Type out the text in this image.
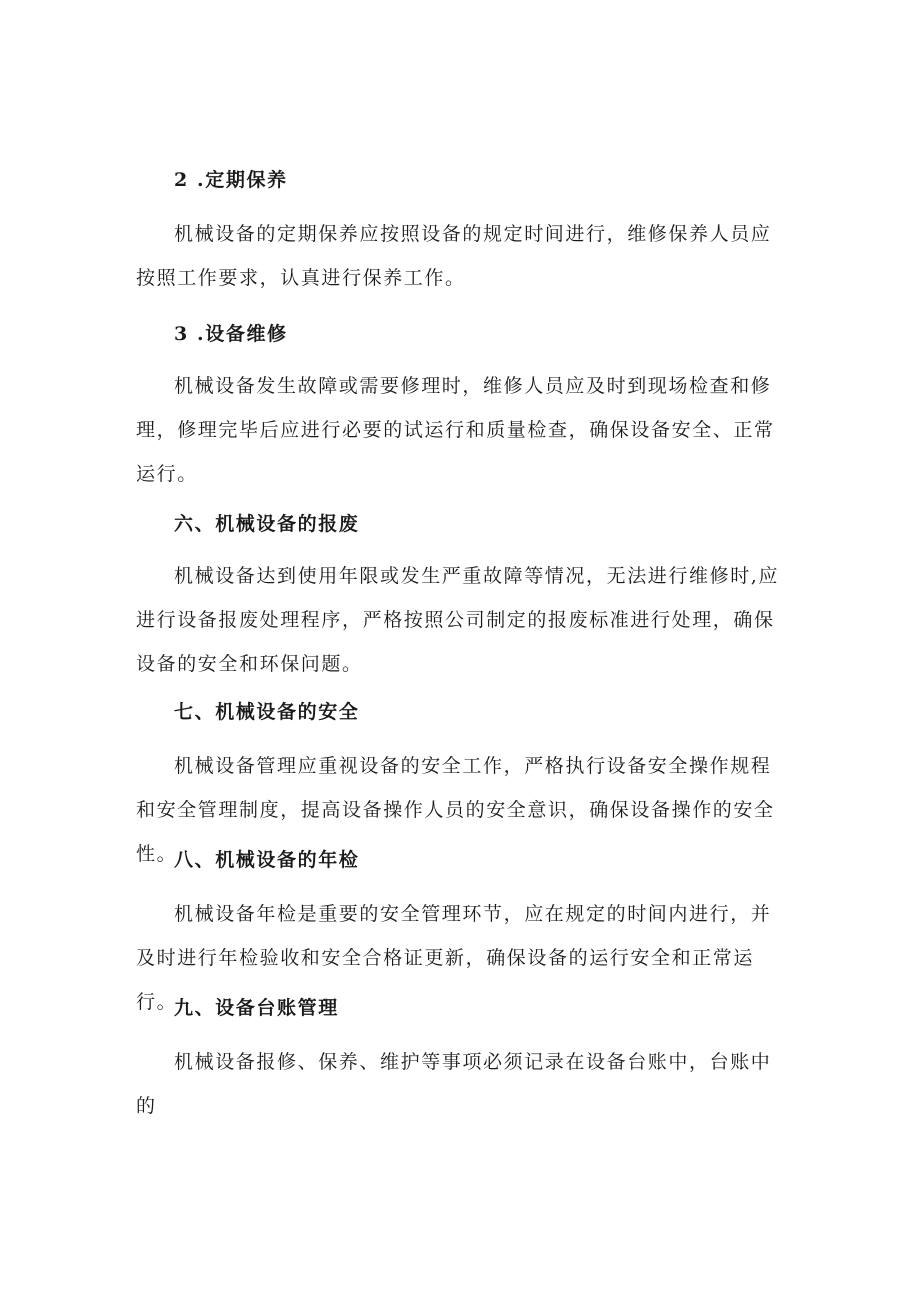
2 .定期保养

机械设备的定期保养应按照设备的规定时间进行，维修保养人员应按照工作要求，认真进行保养工作。

3 .设备维修

机械设备发生故障或需要修理时，维修人员应及时到现场检查和修理，修理完毕后应进行必要的试运行和质量检查，确保设备安全、正常运行。

六、机械设备的报废

机械设备达到使用年限或发生严重故障等情况，无法进行维修时,应进行设备报废处理程序，严格按照公司制定的报废标准进行处理，确保设备的安全和环保问题。

七、机械设备的安全

机械设备管理应重视设备的安全工作，严格执行设备安全操作规程和安全管理制度，提高设备操作人员的安全意识，确保设备操作的安全性。

八、机械设备的年检

机械设备年检是重要的安全管理环节，应在规定的时间内进行，并及时进行年检验收和安全合格证更新，确保设备的运行安全和正常运行。

九、设备台账管理

机械设备报修、保养、维护等事项必须记录在设备台账中，台账中的
